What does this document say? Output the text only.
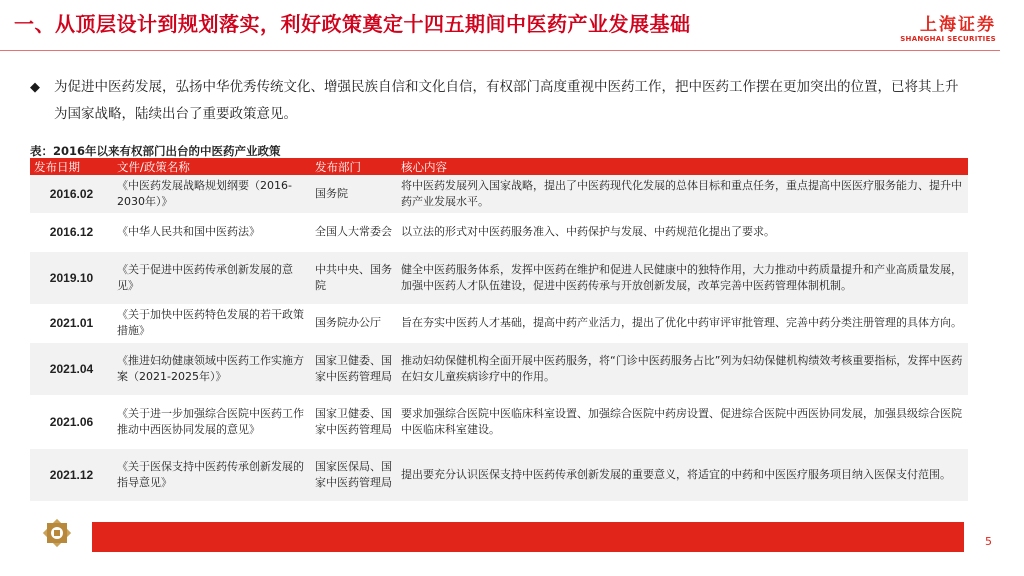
一、从顶层设计到规划落实，利好政策奠定十四五期间中医药产业发展基础	上海证券
SHANGHAI SECURITIES
◆ 为促进中医药发展，弘扬中华优秀传统文化、增强民族自信和文化自信，有权部门高度重视中医药工作，把中医药工作摆在更加突出的位置，已将其上升为国家战略，陆续出台了重要政策意见。
表：2016年以来有权部门出台的中医药产业政策
发布日期	文件/政策名称	发布部门	核心内容
2016.02	《中医药发展战略规划纲要（2016-2030年）》	国务院	将中医药发展列入国家战略，提出了中医药现代化发展的总体目标和重点任务，重点提高中医医疗服务能力、提升中药产业发展水平。
2016.12	《中华人民共和国中医药法》	全国人大常委会	以立法的形式对中医药服务准入、中药保护与发展、中药规范化提出了要求。
2019.10	《关于促进中医药传承创新发展的意见》	中共中央、国务院	健全中医药服务体系，发挥中医药在维护和促进人民健康中的独特作用，大力推动中药质量提升和产业高质量发展，加强中医药人才队伍建设，促进中医药传承与开放创新发展，改革完善中医药管理体制机制。
2021.01	《关于加快中医药特色发展的若干政策措施》	国务院办公厅	旨在夯实中医药人才基础，提高中药产业活力，提出了优化中药审评审批管理、完善中药分类注册管理的具体方向。
2021.04	《推进妇幼健康领域中医药工作实施方案（2021-2025年）》	国家卫健委、国家中医药管理局	推动妇幼保健机构全面开展中医药服务，将“门诊中医药服务占比”列为妇幼保健机构绩效考核重要指标，发挥中医药在妇女儿童疾病诊疗中的作用。
2021.06	《关于进一步加强综合医院中医药工作推动中西医协同发展的意见》	国家卫健委、国家中医药管理局	要求加强综合医院中医临床科室设置、加强综合医院中药房设置、促进综合医院中西医协同发展，加强县级综合医院中医临床科室建设。
2021.12	《关于医保支持中医药传承创新发展的指导意见》	国家医保局、国家中医药管理局	提出要充分认识医保支持中医药传承创新发展的重要意义，将适宜的中药和中医医疗服务项目纳入医保支付范围。
5
